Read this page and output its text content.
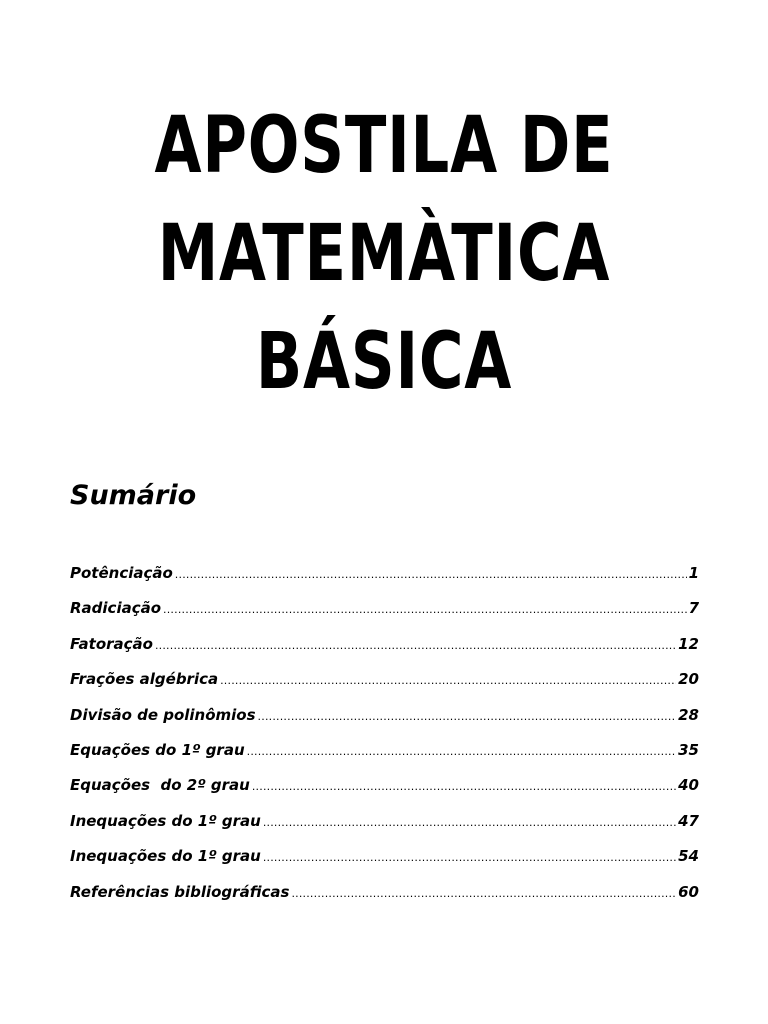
APOSTILA DE
MATEMÀTICA
BÁSICA
Sumário
Potênciação .....	1
Radiciação .....	7
Fatoração .....	12
Frações algébrica .....	20
Divisão de polinômios .....	28
Equações do 1º grau .....	35
Equações  do 2º grau .....	40
Inequações do 1º grau .....	47
Inequações do 1º grau .....	54
Referências bibliográficas .....	60
